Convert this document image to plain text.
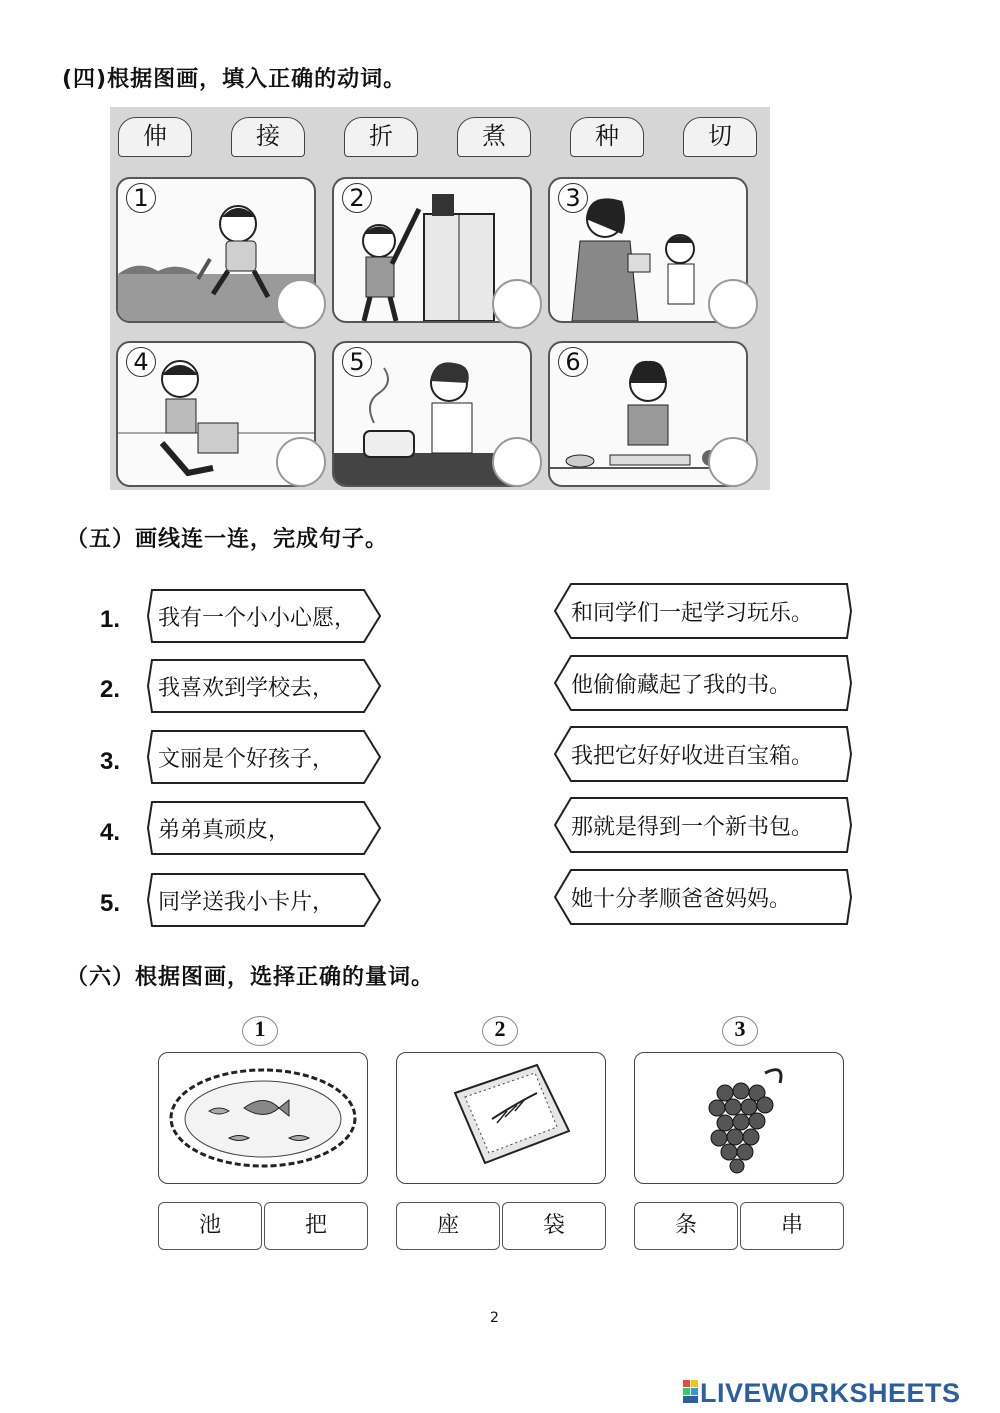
(四)根据图画，填入正确的动词。
伸	接	折	煮	种	切
1	2	3
4	5	6
（五）画线连一连，完成句子。
1.
2.
3.
4.
5.
我有一个小小心愿，
我喜欢到学校去，
文丽是个好孩子，
弟弟真顽皮，
同学送我小卡片，
和同学们一起学习玩乐。
他偷偷藏起了我的书。
我把它好好收进百宝箱。
那就是得到一个新书包。
她十分孝顺爸爸妈妈。
（六）根据图画，选择正确的量词。
1	2	3
池	把	座	袋	条	串
2
LIVEWORKSHEETS
